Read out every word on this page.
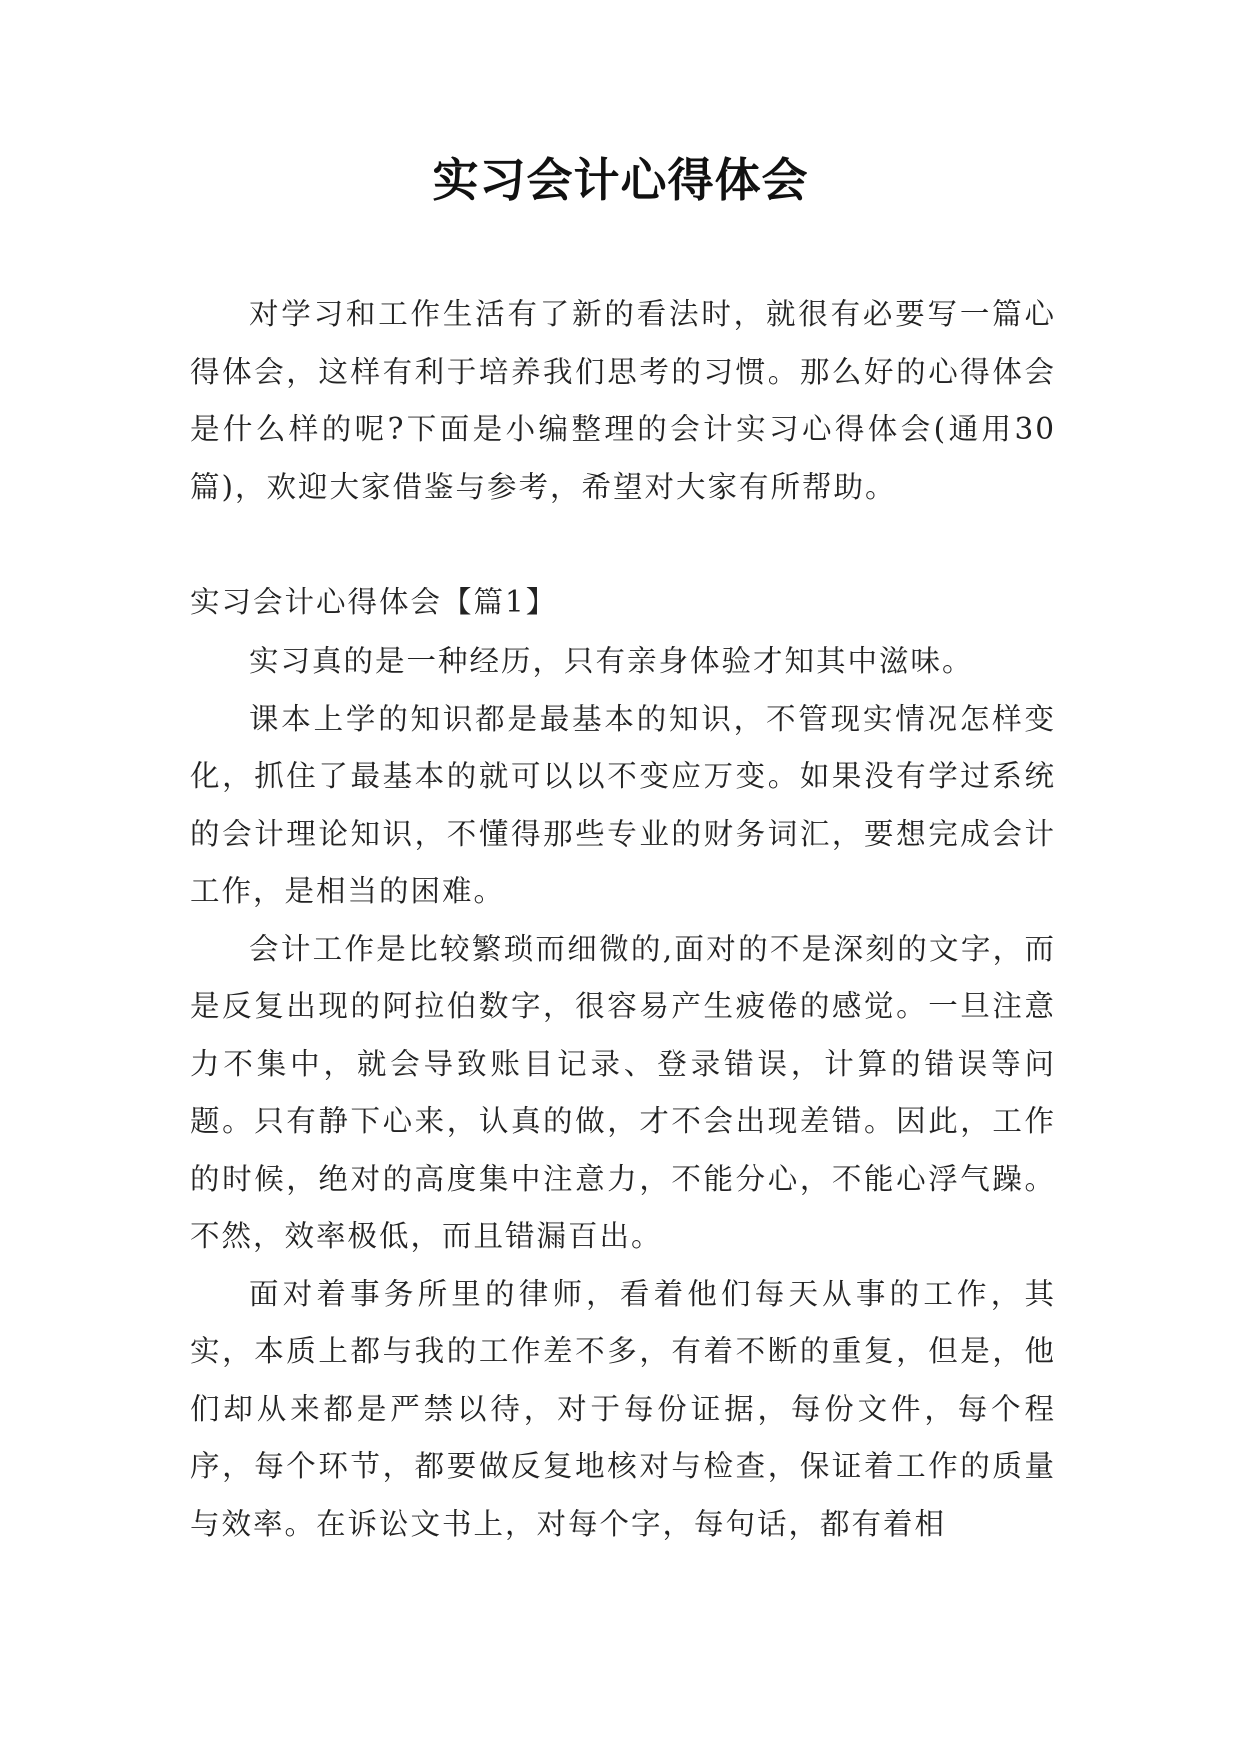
实习会计心得体会

对学习和工作生活有了新的看法时，就很有必要写一篇心得体会，这样有利于培养我们思考的习惯。那么好的心得体会是什么样的呢?下面是小编整理的会计实习心得体会(通用30篇)，欢迎大家借鉴与参考，希望对大家有所帮助。

实习会计心得体会【篇1】

实习真的是一种经历，只有亲身体验才知其中滋味。

课本上学的知识都是最基本的知识，不管现实情况怎样变化，抓住了最基本的就可以以不变应万变。如果没有学过系统的会计理论知识，不懂得那些专业的财务词汇，要想完成会计工作，是相当的困难。

会计工作是比较繁琐而细微的,面对的不是深刻的文字，而是反复出现的阿拉伯数字，很容易产生疲倦的感觉。一旦注意力不集中，就会导致账目记录、登录错误，计算的错误等问题。只有静下心来，认真的做，才不会出现差错。因此，工作的时候，绝对的高度集中注意力，不能分心，不能心浮气躁。不然，效率极低，而且错漏百出。

面对着事务所里的律师，看着他们每天从事的工作，其实，本质上都与我的工作差不多，有着不断的重复，但是，他们却从来都是严禁以待，对于每份证据，每份文件，每个程序，每个环节，都要做反复地核对与检查，保证着工作的质量与效率。在诉讼文书上，对每个字，每句话，都有着相
